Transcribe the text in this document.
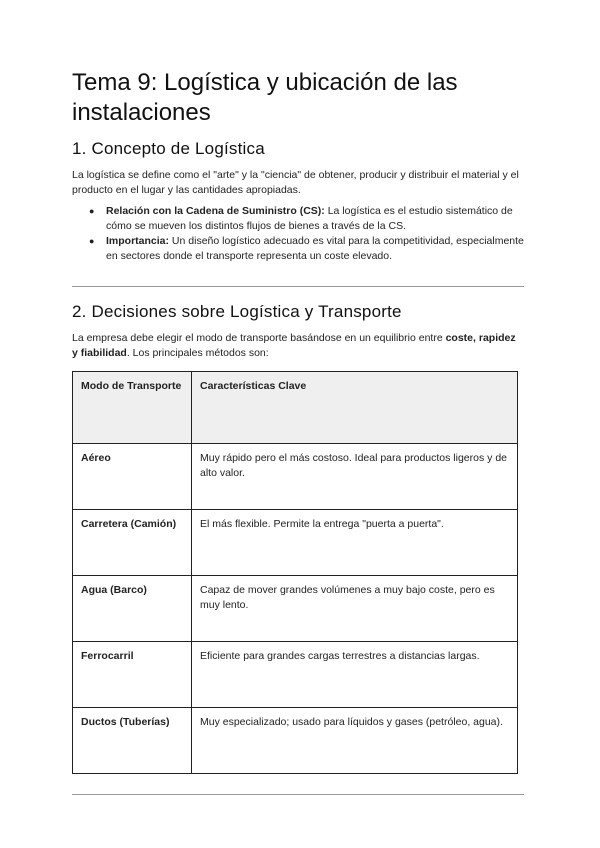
Tema 9: Logística y ubicación de las instalaciones
1. Concepto de Logística

La logística se define como el "arte" y la "ciencia" de obtener, producir y distribuir el material y el producto en el lugar y las cantidades apropiadas.

● Relación con la Cadena de Suministro (CS): La logística es el estudio sistemático de cómo se mueven los distintos flujos de bienes a través de la CS.
● Importancia: Un diseño logístico adecuado es vital para la competitividad, especialmente en sectores donde el transporte representa un coste elevado.
2. Decisiones sobre Logística y Transporte

La empresa debe elegir el modo de transporte basándose en un equilibrio entre coste, rapidez y fiabilidad. Los principales métodos son:

Modo de Transporte	Características Clave
Aéreo	Muy rápido pero el más costoso. Ideal para productos ligeros y de alto valor.
Carretera (Camión)	El más flexible. Permite la entrega "puerta a puerta".
Agua (Barco)	Capaz de mover grandes volúmenes a muy bajo coste, pero es muy lento.
Ferrocarril	Eficiente para grandes cargas terrestres a distancias largas.
Ductos (Tuberías)	Muy especializado; usado para líquidos y gases (petróleo, agua).
